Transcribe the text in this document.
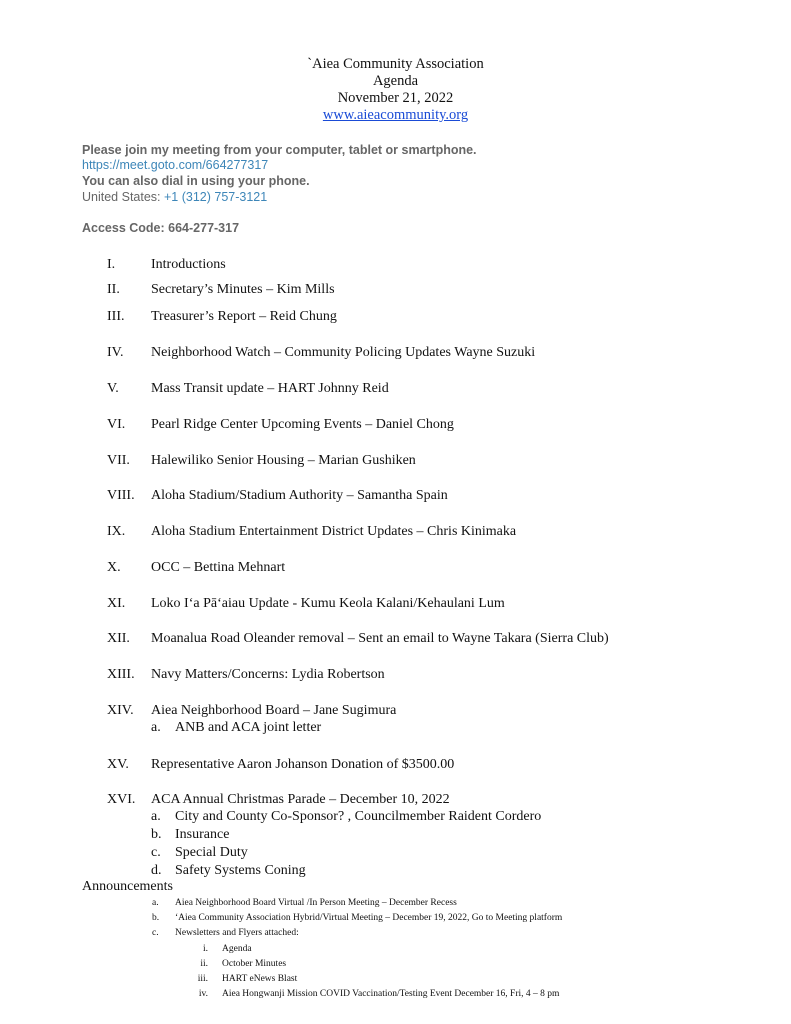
`Aiea Community Association
Agenda
November 21, 2022
www.aieacommunity.org
Please join my meeting from your computer, tablet or smartphone.
https://meet.goto.com/664277317
You can also dial in using your phone.
United States: +1 (312) 757-3121
Access Code: 664-277-317
I.	Introductions
II. Secretary’s Minutes – Kim Mills
III. Treasurer’s Report – Reid Chung
IV. Neighborhood Watch – Community Policing Updates Wayne Suzuki
V. Mass Transit update – HART Johnny Reid
VI. Pearl Ridge Center Upcoming Events – Daniel Chong
VII. Halewiliko Senior Housing – Marian Gushiken
VIII. Aloha Stadium/Stadium Authority – Samantha Spain
IX. Aloha Stadium Entertainment District Updates – Chris Kinimaka
X. OCC – Bettina Mehnart
XI. Loko Iʻa Pāʻaiau Update - Kumu Keola Kalani/Kehaulani Lum
XII. Moanalua Road Oleander removal – Sent an email to Wayne Takara (Sierra Club)
XIII. Navy Matters/Concerns: Lydia Robertson
XIV. Aiea Neighborhood Board – Jane Sugimura
a.	ANB and ACA joint letter
XV. Representative Aaron Johanson Donation of $3500.00
XVI. ACA Annual Christmas Parade – December 10, 2022
a.	City and County Co-Sponsor? , Councilmember Raident Cordero
b. Insurance
c.	Special Duty
d. Safety Systems Coning
Announcements
a. Aiea Neighborhood Board Virtual /In Person Meeting – December Recess
b. ʻAiea Community Association Hybrid/Virtual Meeting – December 19, 2022, Go to Meeting platform
c. Newsletters and Flyers attached:
i. Agenda
ii. October Minutes
iii. HART eNews Blast
iv. Aiea Hongwanji Mission COVID Vaccination/Testing Event December 16, Fri, 4 – 8 pm
